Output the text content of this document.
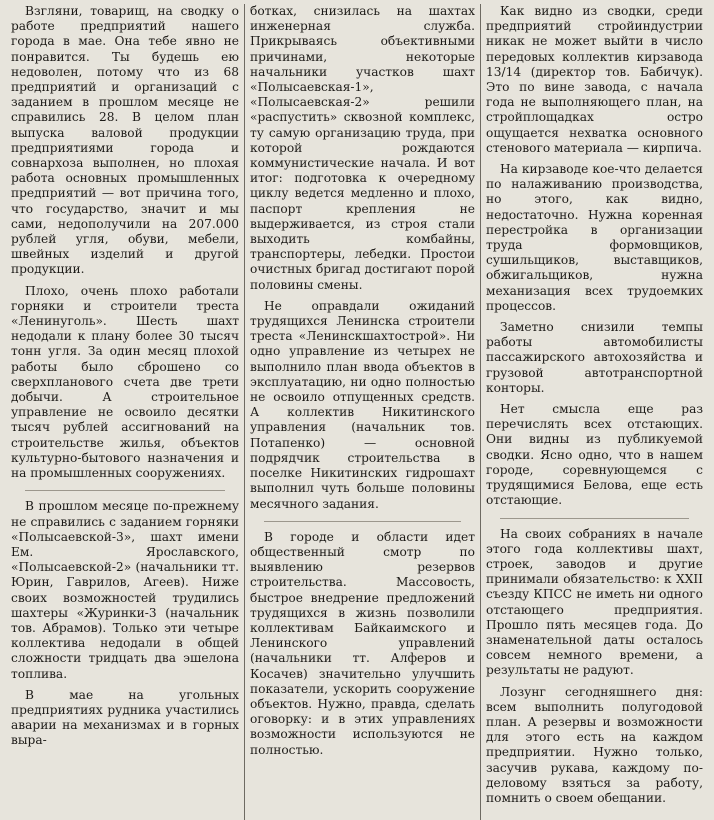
Взгляни, товарищ, на сводку о работе предприятий нашего города в мае. Она тебе явно не понравится. Ты будешь ею недоволен, потому что из 68 предприятий и организаций с заданием в прошлом месяце не справились 28. В целом план выпуска валовой продукции предприятиями города и совнархоза выполнен, но плохая работа основных промышленных предприятий — вот причина того, что государство, значит и мы сами, недополучили на 207.000 рублей угля, обуви, мебели, швейных изделий и другой продукции.

Плохо, очень плохо работали горняки и строители треста «Ленинуголь». Шесть шахт недодали к плану более 30 тысяч тонн угля. За один месяц плохой работы было сброшено со сверхпланового счета две трети добычи. А строительное управление не освоило десятки тысяч рублей ассигнований на строительстве жилья, объектов культурно-бытового назначения и на промышленных сооружениях.

В прошлом месяце по-прежнему не справились с заданием горняки «Полысаевской-3», шахт имени Ем. Ярославского, «Полысаевской-2» (начальники тт. Юрин, Гаврилов, Агеев). Ниже своих возможностей трудились шахтеры «Журинки-3 (начальник тов. Абрамов). Только эти четыре коллектива недодали в общей сложности тридцать два эшелона топлива.

В мае на угольных предприятиях рудника участились аварии на механизмах и в горных выра-

ботках, снизилась на шахтах инженерная служба. Прикрываясь объективными причинами, некоторые начальники участков шахт «Полысаевская-1», «Полысаевская-2» решили «распустить» сквозной комплекс, ту самую организацию труда, при которой рождаются коммунистические начала. И вот итог: подготовка к очередному циклу ведется медленно и плохо, паспорт крепления не выдерживается, из строя стали выходить комбайны, транспортеры, лебедки. Простои очистных бригад достигают порой половины смены.

Не оправдали ожиданий трудящихся Ленинска строители треста «Ленинскшахтострой». Ни одно управление из четырех не выполнило план ввода объектов в эксплуатацию, ни одно полностью не освоило отпущенных средств. А коллектив Никитинского управления (начальник тов. Потапенко) — основной подрядчик строительства в поселке Никитинских гидрошахт выполнил чуть больше половины месячного задания.

В городе и области идет общественный смотр по выявлению резервов строительства. Массовость, быстрое внедрение предложений трудящихся в жизнь позволили коллективам Байкаимского и Ленинского управлений (начальники тт. Алферов и Косачев) значительно улучшить показатели, ускорить сооружение объектов. Нужно, правда, сделать оговорку: и в этих управлениях возможности используются не полностью.

Как видно из сводки, среди предприятий стройиндустрии никак не может выйти в число передовых коллектив кирзавода 13/14 (директор тов. Бабичук). Это по вине завода, с начала года не выполняющего план, на стройплощадках остро ощущается нехватка основного стенового материала — кирпича.

На кирзаводе кое-что делается по налаживанию производства, но этого, как видно, недостаточно. Нужна коренная перестройка в организации труда формовщиков, сушильщиков, выставщиков, обжигальщиков, нужна механизация всех трудоемких процессов.

Заметно снизили темпы работы автомобилисты пассажирского автохозяйства и грузовой автотранспортной конторы.

Нет смысла еще раз перечислять всех отстающих. Они видны из публикуемой сводки. Ясно одно, что в нашем городе, соревнующемся с трудящимися Белова, еще есть отстающие.

На своих собраниях в начале этого года коллективы шахт, строек, заводов и другие принимали обязательство: к XXII съезду КПСС не иметь ни одного отстающего предприятия. Прошло пять месяцев года. До знаменательной даты осталось совсем немного времени, а результаты не радуют.

Лозунг сегодняшнего дня: всем выполнить полугодовой план. А резервы и возможности для этого есть на каждом предприятии. Нужно только, засучив рукава, каждому по-деловому взяться за работу, помнить о своем обещании.
